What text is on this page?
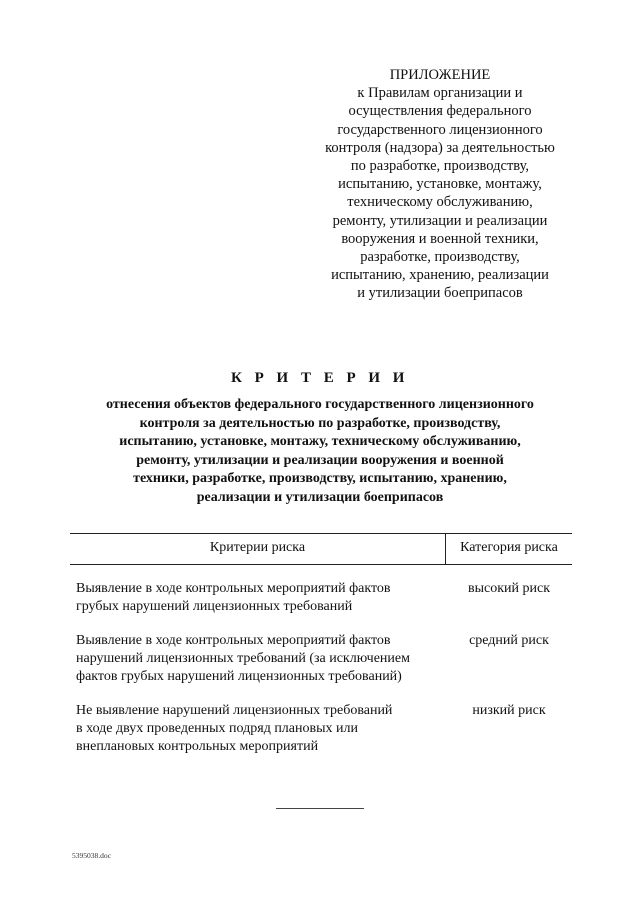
ПРИЛОЖЕНИЕ
к Правилам организации и
осуществления федерального
государственного лицензионного
контроля (надзора) за деятельностью
по разработке, производству,
испытанию, установке, монтажу,
техническому обслуживанию,
ремонту, утилизации и реализации
вооружения и военной техники,
разработке, производству,
испытанию, хранению, реализации
и утилизации боеприпасов
К Р И Т Е Р И И
отнесения объектов федерального государственного лицензионного
контроля за деятельностью по разработке, производству,
испытанию, установке, монтажу, техническому обслуживанию,
ремонту, утилизации и реализации вооружения и военной
техники, разработке, производству, испытанию, хранению,
реализации и утилизации боеприпасов
Критерии риска	Категория риска
Выявление в ходе контрольных мероприятий фактов
грубых нарушений лицензионных требований
высокий риск
Выявление в ходе контрольных мероприятий фактов
нарушений лицензионных требований (за исключением
фактов грубых нарушений лицензионных требований)
средний риск
Не выявление нарушений лицензионных требований
в ходе двух проведенных подряд плановых или
внеплановых контрольных мероприятий
низкий риск
5395038.doc
